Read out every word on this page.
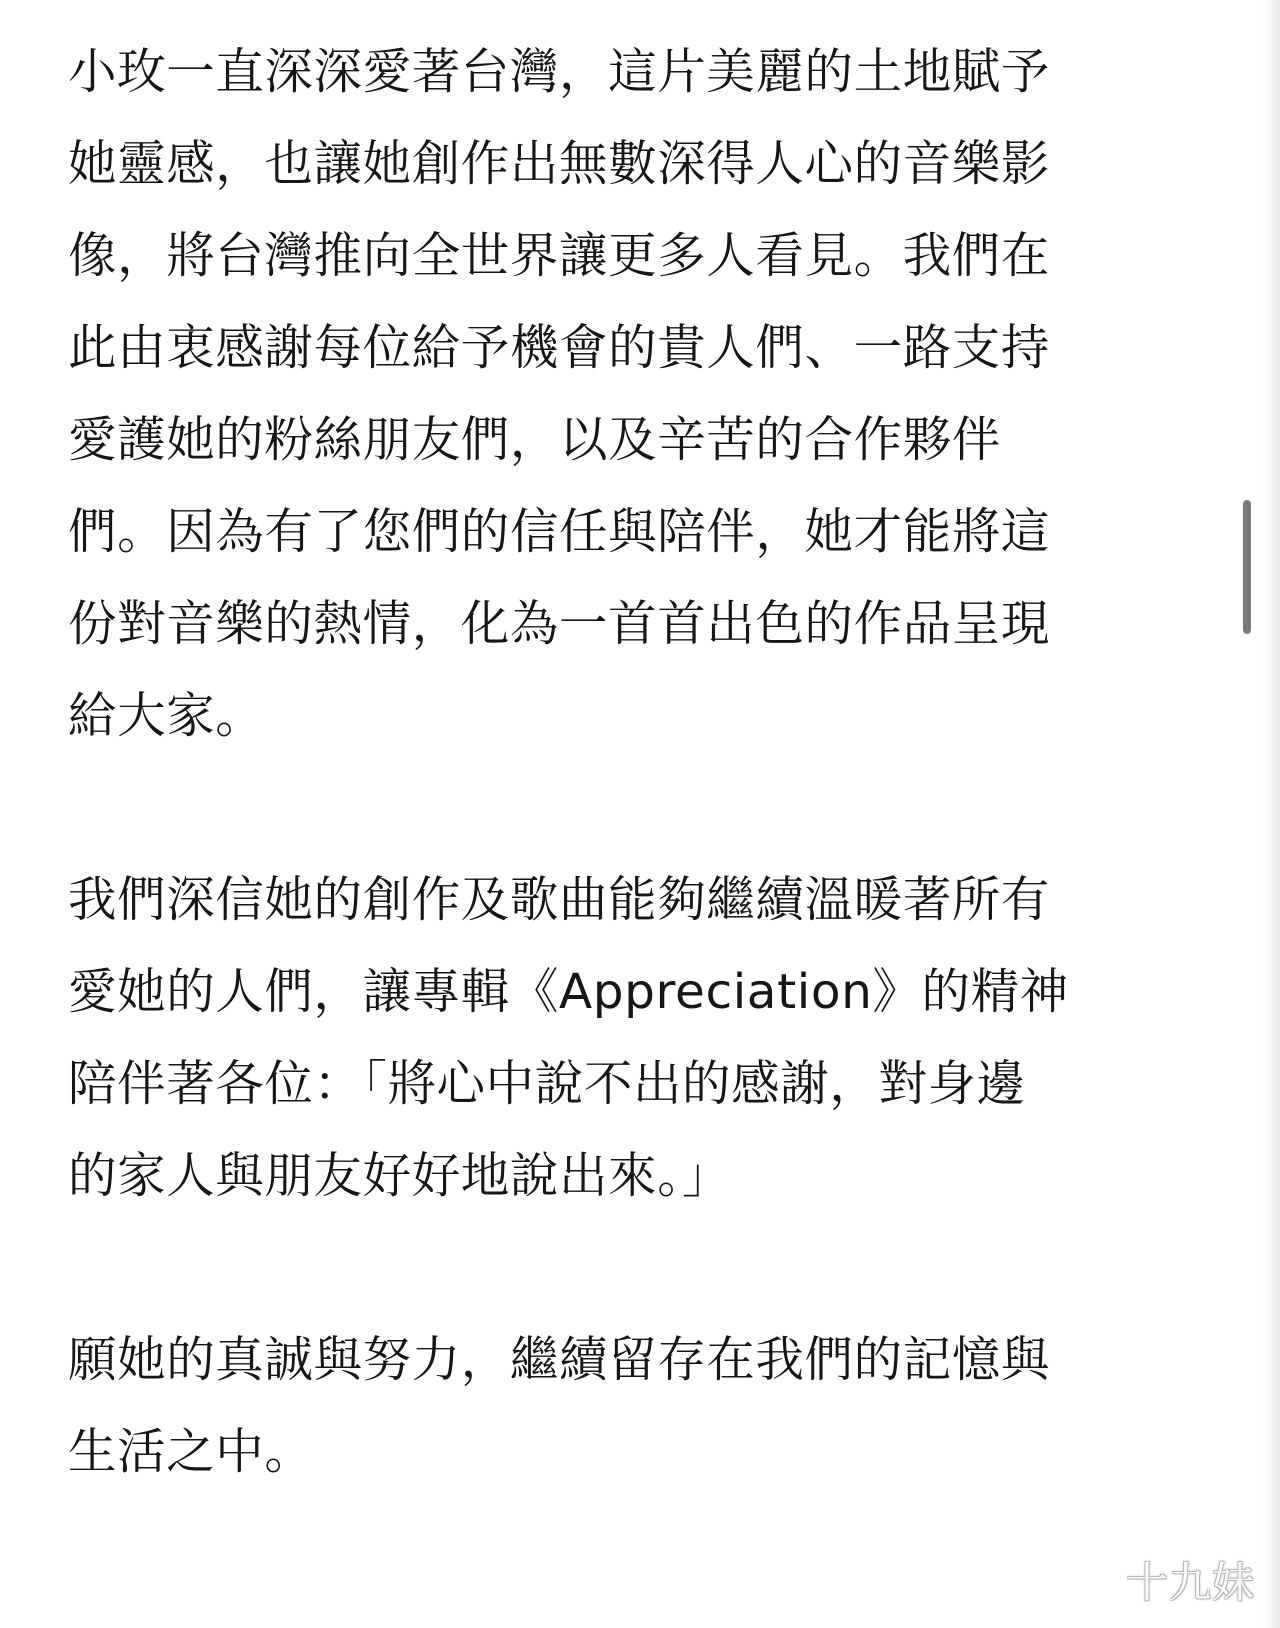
小玫一直深深愛著台灣，這片美麗的土地賦予
她靈感，也讓她創作出無數深得人心的音樂影
像，將台灣推向全世界讓更多人看見。我們在
此由衷感謝每位給予機會的貴人們、一路支持
愛護她的粉絲朋友們，以及辛苦的合作夥伴
們。因為有了您們的信任與陪伴，她才能將這
份對音樂的熱情，化為一首首出色的作品呈現
給大家。
我們深信她的創作及歌曲能夠繼續溫暖著所有
愛她的人們，讓專輯《Appreciation》的精神
陪伴著各位：「將心中說不出的感謝，對身邊
的家人與朋友好好地說出來。」
願她的真誠與努力，繼續留存在我們的記憶與
生活之中。
十九妹
